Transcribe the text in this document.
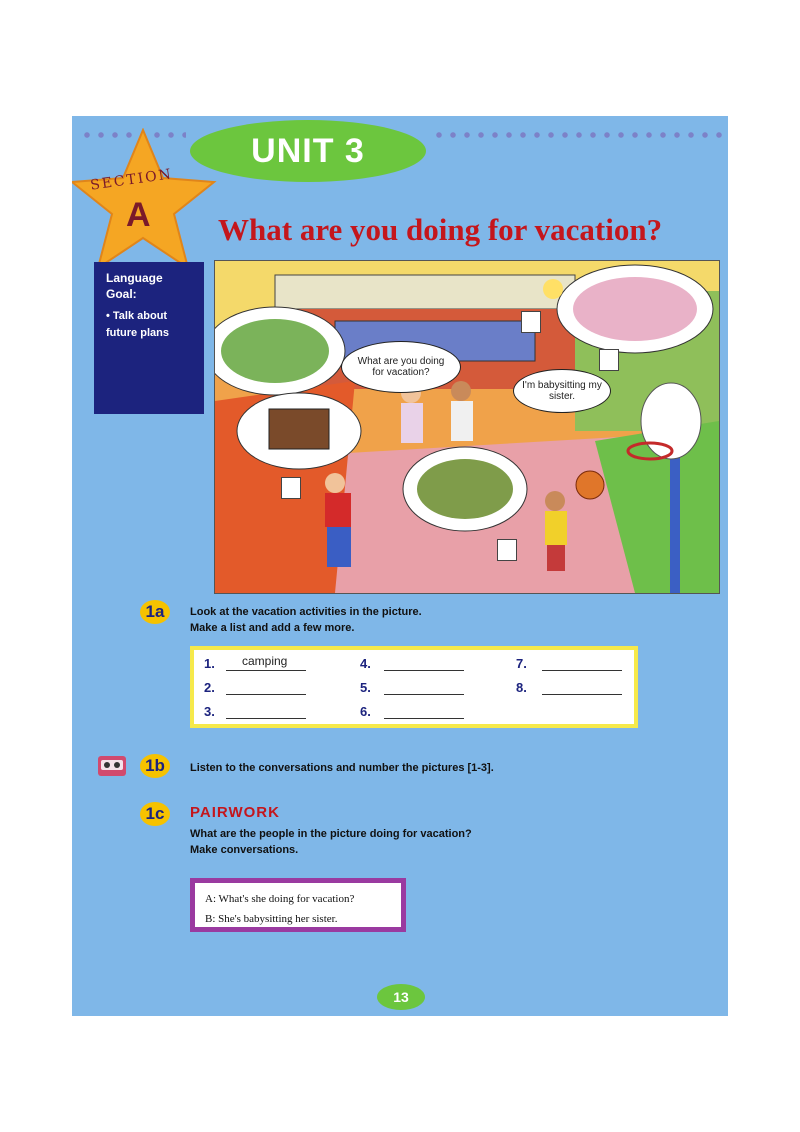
UNIT 3
SECTION
A What are you doing for vacation?
Language Goal:
• Talk about future plans
What are you doing for vacation?
I'm babysitting my sister.
1a	Look at the vacation activities in the picture.
Make a list and add a few more.
1. camping
2.
3.
4.
5.
6.
7.
8.
1b	Listen to the conversations and number the pictures [1-3].
1c	PAIRWORK
What are the people in the picture doing for vacation?
Make conversations.
A: What's she doing for vacation?
B: She's babysitting her sister.
13
